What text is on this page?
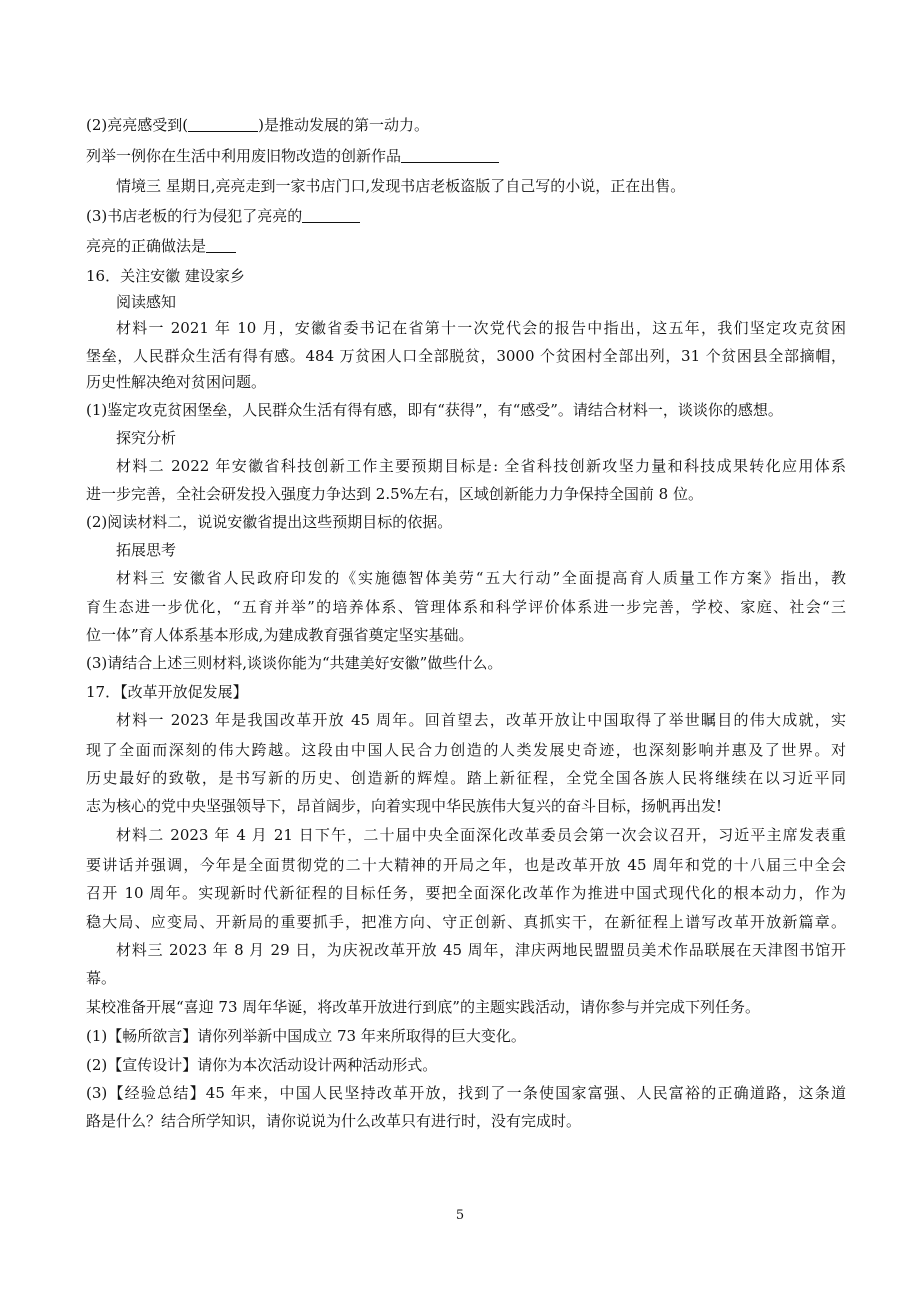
(2)亮亮感受到(	)是推动发展的第一动力。
列举一例你在生活中利用废旧物改造的创新作品
情境三 星期日,亮亮走到一家书店门口,发现书店老板盗版了自己写的小说，正在出售。
(3)书店老板的行为侵犯了亮亮的
亮亮的正确做法是
16．关注安徽 建设家乡
阅读感知
材料一 2021 年 10 月，安徽省委书记在省第十一次党代会的报告中指出，这五年，我们坚定攻克贫困
堡垒，人民群众生活有得有感。484 万贫困人口全部脱贫，3000 个贫困村全部出列，31 个贫困县全部摘帽，
历史性解决绝对贫困问题。
(1)鉴定攻克贫困堡垒，人民群众生活有得有感，即有“获得”，有“感受”。请结合材料一，谈谈你的感想。
探究分析
材料二 2022 年安徽省科技创新工作主要预期目标是: 全省科技创新攻坚力量和科技成果转化应用体系
进一步完善，全社会研发投入强度力争达到 2.5%左右，区域创新能力力争保持全国前 8 位。
(2)阅读材料二，说说安徽省提出这些预期目标的依据。
拓展思考
材料三 安徽省人民政府印发的《实施德智体美劳“五大行动”全面提高育人质量工作方案》指出，教
育生态进一步优化，“五育并举”的培养体系、管理体系和科学评价体系进一步完善，学校、家庭、社会“三
位一体”育人体系基本形成,为建成教育强省奠定坚实基础。
(3)请结合上述三则材料,谈谈你能为“共建美好安徽”做些什么。
17．【改革开放促发展】
材料一 2023 年是我国改革开放 45 周年。回首望去，改革开放让中国取得了举世瞩目的伟大成就，实
现了全面而深刻的伟大跨越。这段由中国人民合力创造的人类发展史奇迹，也深刻影响并惠及了世界。对
历史最好的致敬，是书写新的历史、创造新的辉煌。踏上新征程，全党全国各族人民将继续在以习近平同
志为核心的党中央坚强领导下，昂首阔步，向着实现中华民族伟大复兴的奋斗目标，扬帆再出发!
材料二 2023 年 4 月 21 日下午，二十届中央全面深化改革委员会第一次会议召开，习近平主席发表重
要讲话并强调，今年是全面贯彻党的二十大精神的开局之年，也是改革开放 45 周年和党的十八届三中全会
召开 10 周年。实现新时代新征程的目标任务，要把全面深化改革作为推进中国式现代化的根本动力，作为
稳大局、应变局、开新局的重要抓手，把准方向、守正创新、真抓实干，在新征程上谱写改革开放新篇章。
材料三 2023 年 8 月 29 日，为庆祝改革开放 45 周年，津庆两地民盟盟员美术作品联展在天津图书馆开
幕。
某校准备开展“喜迎 73 周年华诞，将改革开放进行到底”的主题实践活动，请你参与并完成下列任务。
(1)【畅所欲言】请你列举新中国成立 73 年来所取得的巨大变化。
(2)【宣传设计】请你为本次活动设计两种活动形式。
(3)【经验总结】45 年来，中国人民坚持改革开放，找到了一条使国家富强、人民富裕的正确道路，这条道
路是什么？结合所学知识，请你说说为什么改革只有进行时，没有完成时。
5
